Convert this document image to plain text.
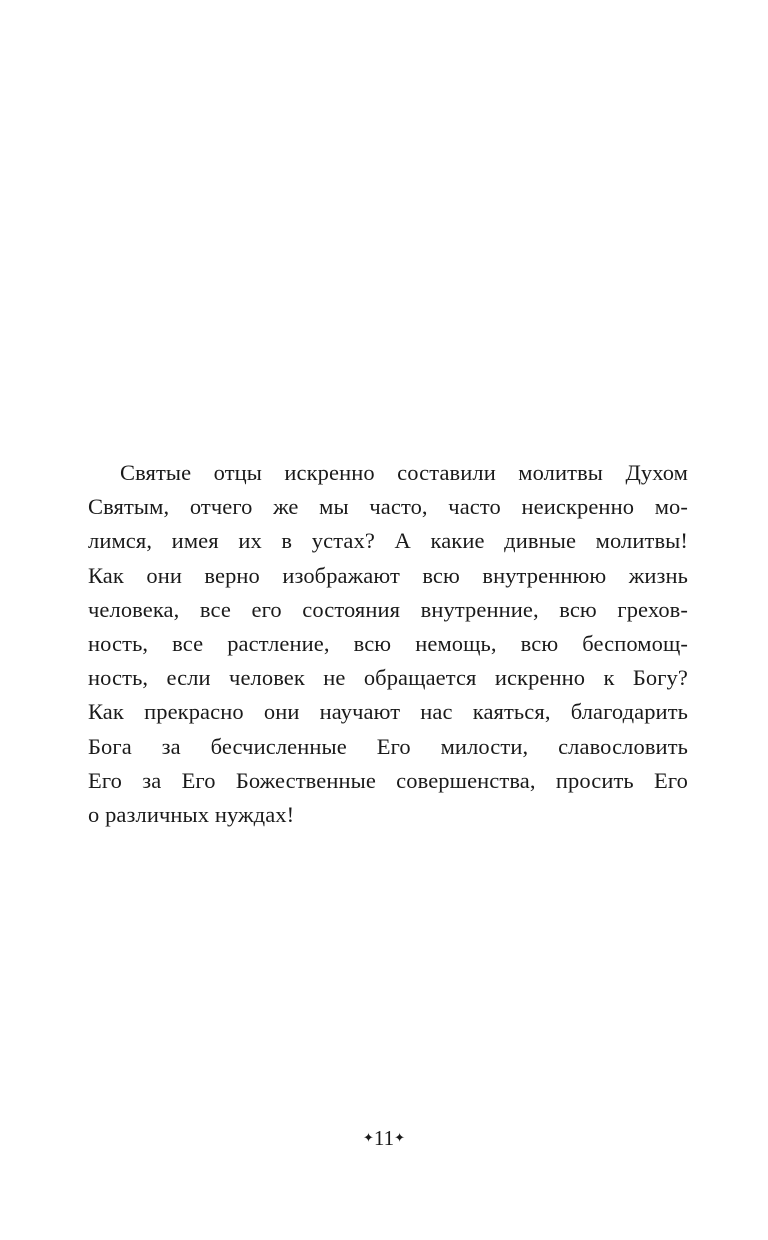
Святые отцы искренно составили молитвы Духом
Святым, отчего же мы часто, часто неискренно мо-
лимся, имея их в устах? А какие дивные молитвы!
Как они верно изображают всю внутреннюю жизнь
человека, все его состояния внутренние, всю грехов-
ность, все растление, всю немощь, всю беспомощ-
ность, если человек не обращается искренно к Богу?
Как прекрасно они научают нас каяться, благодарить
Бога за бесчисленные Его милости, славословить
Его за Его Божественные совершенства, просить Его
о различных нуждах!
✦11✦
